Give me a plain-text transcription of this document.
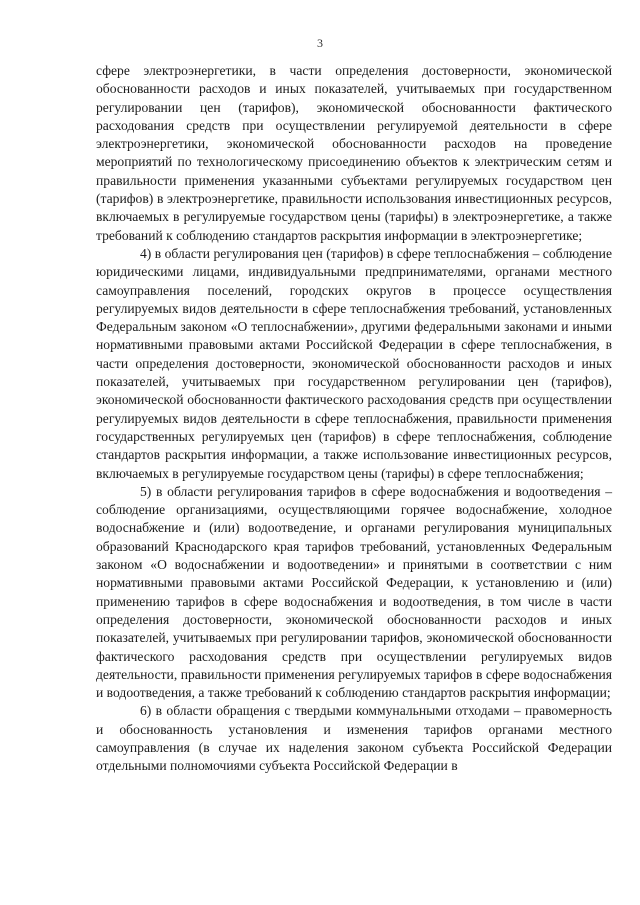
3

сфере электроэнергетики, в части определения достоверности, экономической обоснованности расходов и иных показателей, учитываемых при государственном регулировании цен (тарифов), экономической обоснованности фактического расходования средств при осуществлении регулируемой деятельности в сфере электроэнергетики, экономической обоснованности расходов на проведение мероприятий по технологическому присоединению объектов к электрическим сетям и правильности применения указанными субъектами регулируемых государством цен (тарифов) в электроэнергетике, правильности использования инвестиционных ресурсов, включаемых в регулируемые государством цены (тарифы) в электроэнергетике, а также требований к соблюдению стандартов раскрытия информации в электроэнергетике;

4) в области регулирования цен (тарифов) в сфере теплоснабжения – соблюдение юридическими лицами, индивидуальными предпринимателями, органами местного самоуправления поселений, городских округов в процессе осуществления регулируемых видов деятельности в сфере теплоснабжения требований, установленных Федеральным законом «О теплоснабжении», другими федеральными законами и иными нормативными правовыми актами Российской Федерации в сфере теплоснабжения, в части определения достоверности, экономической обоснованности расходов и иных показателей, учитываемых при государственном регулировании цен (тарифов), экономической обоснованности фактического расходования средств при осуществлении регулируемых видов деятельности в сфере теплоснабжения, правильности применения государственных регулируемых цен (тарифов) в сфере теплоснабжения, соблюдение стандартов раскрытия информации, а также использование инвестиционных ресурсов, включаемых в регулируемые государством цены (тарифы) в сфере теплоснабжения;

5) в области регулирования тарифов в сфере водоснабжения и водоотведения – соблюдение организациями, осуществляющими горячее водоснабжение, холодное водоснабжение и (или) водоотведение, и органами регулирования муниципальных образований Краснодарского края тарифов требований, установленных Федеральным законом «О водоснабжении и водоотведении» и принятыми в соответствии с ним нормативными правовыми актами Российской Федерации, к установлению и (или) применению тарифов в сфере водоснабжения и водоотведения, в том числе в части определения достоверности, экономической обоснованности расходов и иных показателей, учитываемых при регулировании тарифов, экономической обоснованности фактического расходования средств при осуществлении регулируемых видов деятельности, правильности применения регулируемых тарифов в сфере водоснабжения и водоотведения, а также требований к соблюдению стандартов раскрытия информации;

6) в области обращения с твердыми коммунальными отходами – правомерность и обоснованность установления и изменения тарифов органами местного самоуправления (в случае их наделения законом субъекта Российской Федерации отдельными полномочиями субъекта Российской Федерации в
